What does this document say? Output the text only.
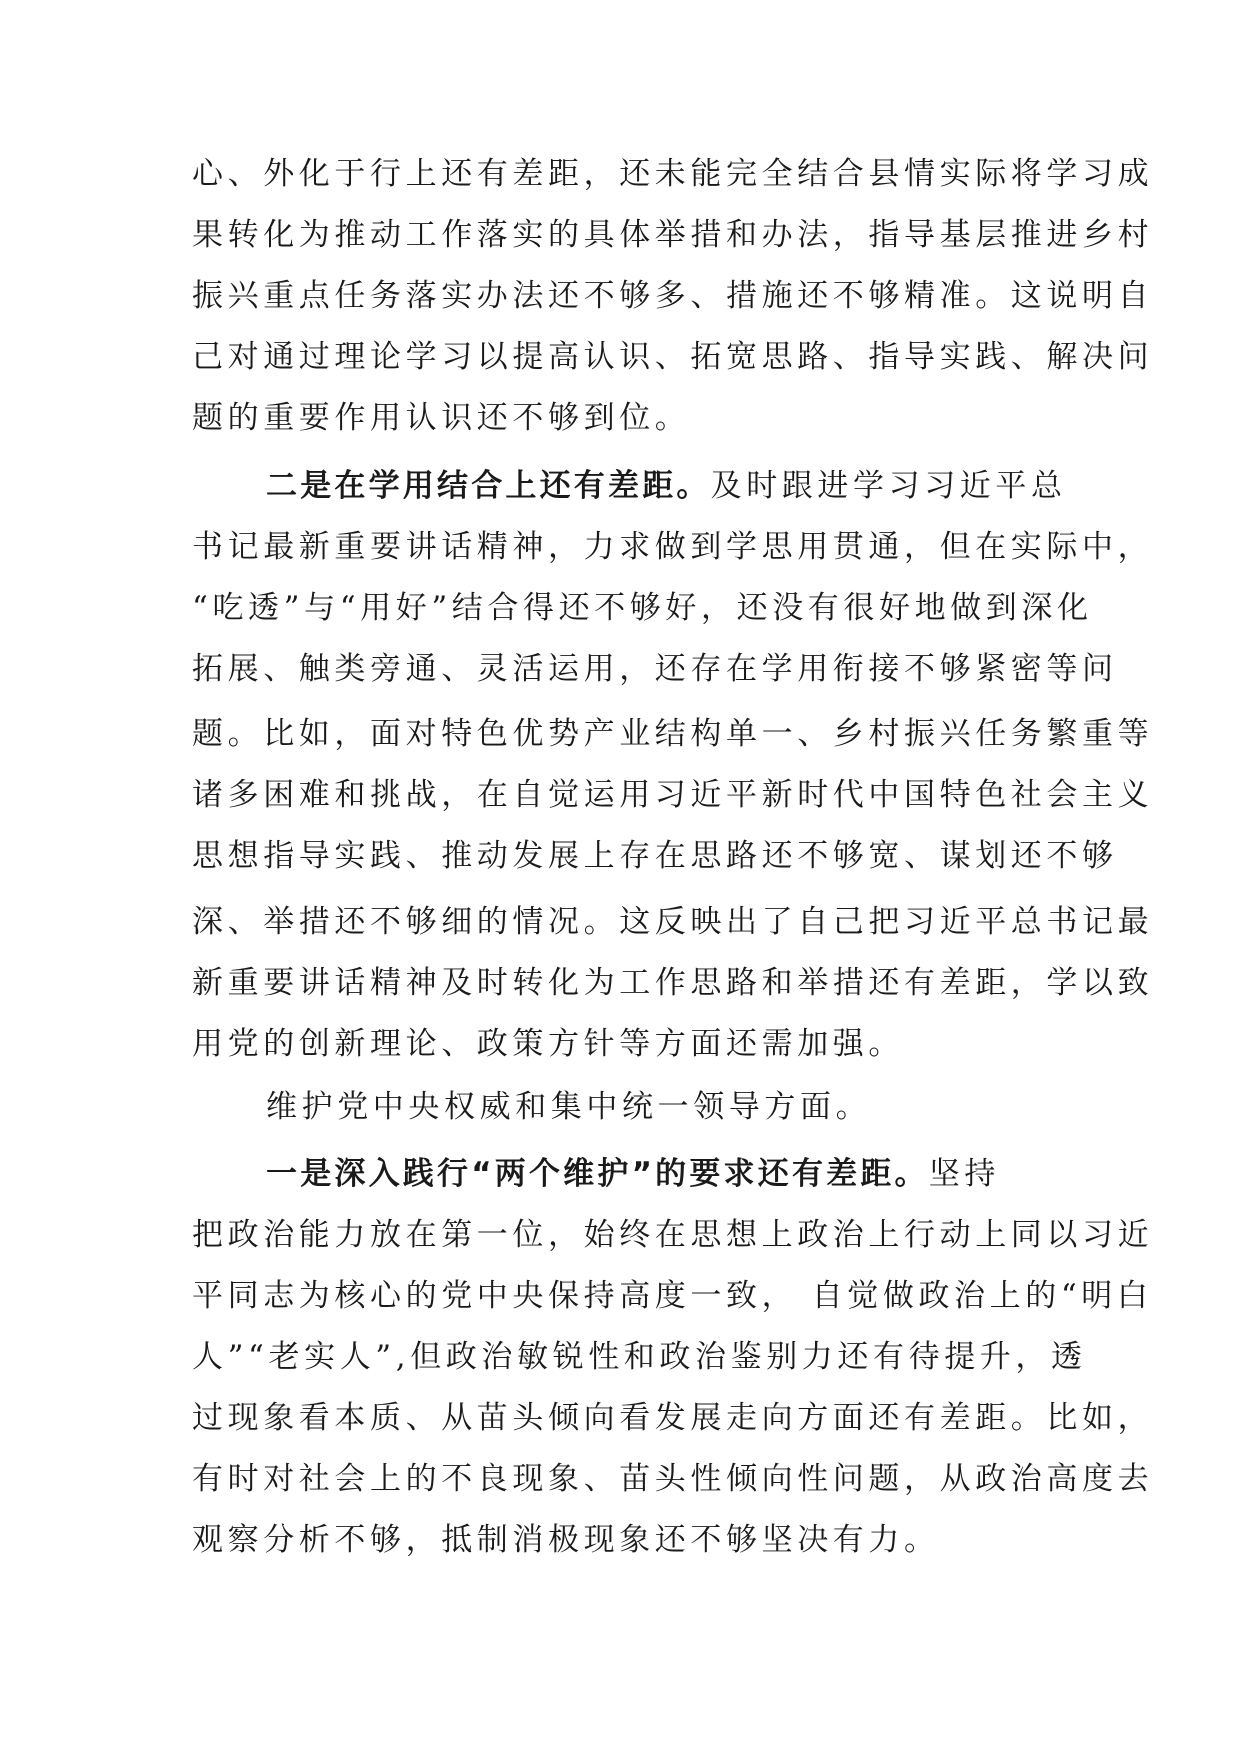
心、外化于行上还有差距，还未能完全结合县情实际将学习成
果转化为推动工作落实的具体举措和办法，指导基层推进乡村
振兴重点任务落实办法还不够多、措施还不够精准。这说明自
己对通过理论学习以提高认识、拓宽思路、指导实践、解决问
题的重要作用认识还不够到位。
二是在学用结合上还有差距。及时跟进学习习近平总
书记最新重要讲话精神，力求做到学思用贯通，但在实际中，
“吃透”与“用好”结合得还不够好，还没有很好地做到深化
拓展、触类旁通、灵活运用，还存在学用衔接不够紧密等问
题。比如，面对特色优势产业结构单一、乡村振兴任务繁重等
诸多困难和挑战，在自觉运用习近平新时代中国特色社会主义
思想指导实践、推动发展上存在思路还不够宽、谋划还不够
深、举措还不够细的情况。这反映出了自己把习近平总书记最
新重要讲话精神及时转化为工作思路和举措还有差距，学以致
用党的创新理论、政策方针等方面还需加强。
维护党中央权威和集中统一领导方面。
一是深入践行“两个维护”的要求还有差距。坚持
把政治能力放在第一位，始终在思想上政治上行动上同以习近
平同志为核心的党中央保持高度一致， 自觉做政治上的“明白
人”“老实人”,但政治敏锐性和政治鉴别力还有待提升，透
过现象看本质、从苗头倾向看发展走向方面还有差距。比如，
有时对社会上的不良现象、苗头性倾向性问题，从政治高度去
观察分析不够，抵制消极现象还不够坚决有力。
